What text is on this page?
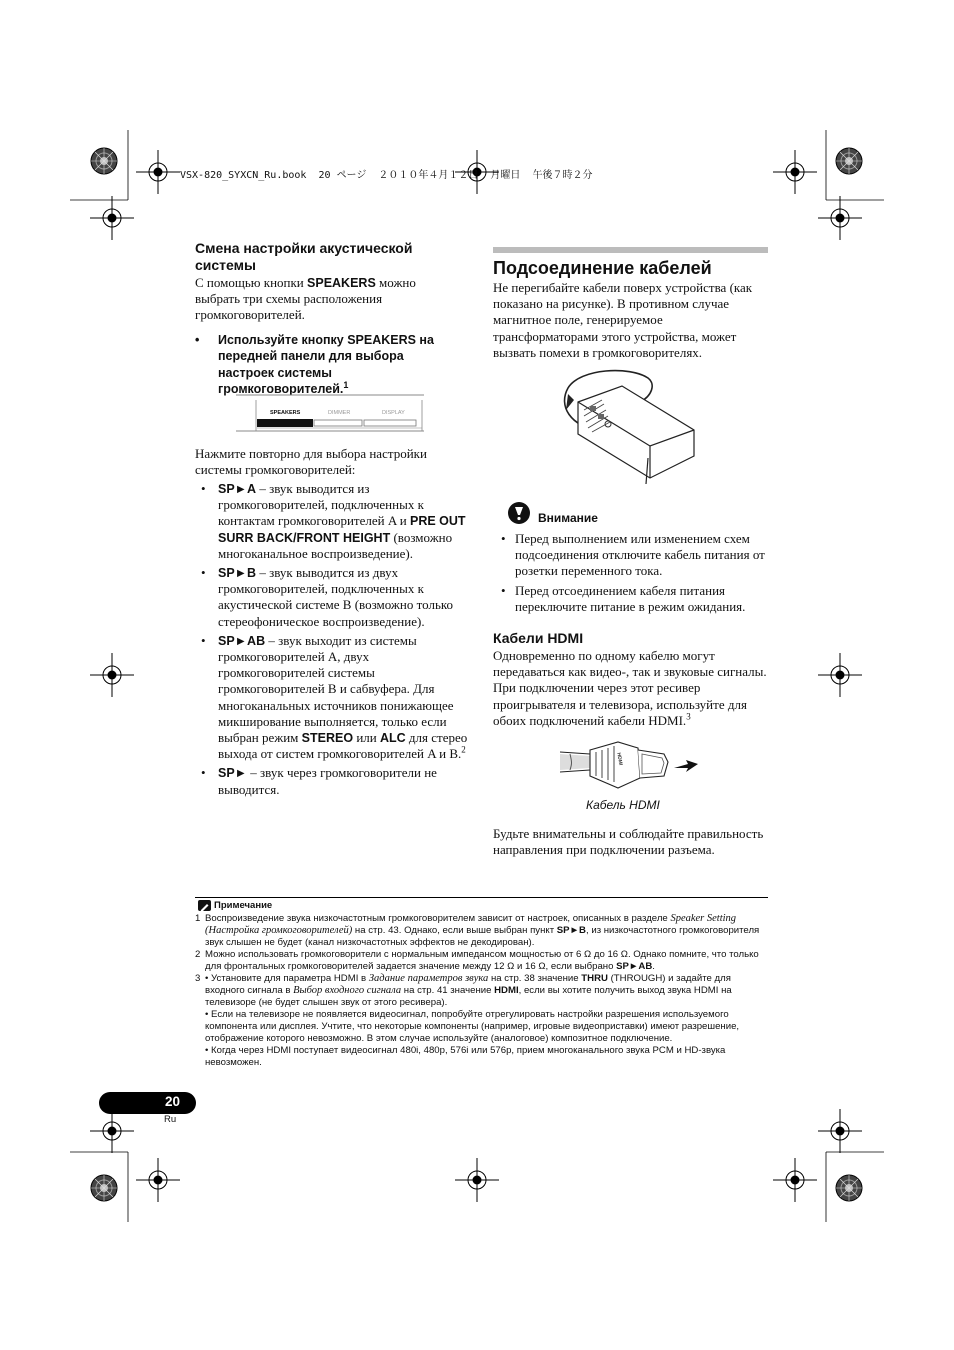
VSX-820_SYXCN_Ru.book  20 ページ  ２０１０年４月１２日  月曜日  午後７時２分
Смена настройки акустической системы
С помощью кнопки SPEAKERS можно выбрать три схемы расположения громкоговорителей.
•	Используйте кнопку SPEAKERS на передней панели для выбора настроек системы громкоговорителей.$^1$
SPEAKERS	DIMMER	DISPLAY
Нажмите повторно для выбора настройки системы громкоговорителей:
• SP►A – звук выводится из громкоговорителей, подключенных к контактам громкоговорителей A и PRE OUT SURR BACK/FRONT HEIGHT (возможно многоканальное воспроизведение).
• SP►B – звук выводится из двух громкоговорителей, подключенных к акустической системе B (возможно только стереофоническое воспроизведение).
• SP►AB – звук выходит из системы громкоговорителей A, двух громкоговорителей системы громкоговорителей B и сабвуфера. Для многоканальных источников понижающее микширование выполняется, только если выбран режим STEREO или ALC для стерео выхода от систем громкоговорителей A и B.$^2$
• SP► – звук через громкоговорители не выводится.
Подсоединение кабелей
Не перегибайте кабели поверх устройства (как показано на рисунке). В противном случае магнитное поле, генерируемое трансформаторами этого устройства, может вызвать помехи в громкоговорителях.
Внимание
• Перед выполнением или изменением схем подсоединения отключите кабель питания от розетки переменного тока.
• Перед отсоединением кабеля питания переключите питание в режим ожидания.
Кабели HDMI
Одновременно по одному кабелю могут передаваться как видео-, так и звуковые сигналы. При подключении через этот ресивер проигрывателя и телевизора, используйте для обоих подключений кабели HDMI.$^3$
HDMI
Кабель HDMI
Будьте внимательны и соблюдайте правильность направления при подключении разъема.
Примечание
1 Воспроизведение звука низкочастотным громкоговорителем зависит от настроек, описанных в разделе Speaker Setting (Настройка громкоговорителей) на стр. 43. Однако, если выше выбран пункт SP►B, из низкочастотного громкоговорителя звук слышен не будет (канал низкочастотных эффектов не декодирован).
2 Можно использовать громкоговорители с нормальным импедансом мощностью от 6 Ω до 16 Ω. Однако помните, что только для фронтальных громкоговорителей задается значение между 12 Ω и 16 Ω, если выбрано SP►AB.
3 • Установите для параметра HDMI в Задание параметров звука на стр. 38 значение THRU (THROUGH) и задайте для входного сигнала в Выбор входного сигнала на стр. 41 значение HDMI, если вы хотите получить выход звука HDMI на телевизоре (не будет слышен звук от этого ресивера).
• Если на телевизоре не появляется видеосигнал, попробуйте отрегулировать настройки разрешения используемого компонента или дисплея. Учтите, что некоторые компоненты (например, игровые видеоприставки) имеют разрешение, отображение которого невозможно. В этом случае используйте (аналоговое) композитное подключение.
• Когда через HDMI поступает видеосигнал 480i, 480p, 576i или 576p, прием многоканального звука PCM и HD-звука невозможен.
20
Ru
